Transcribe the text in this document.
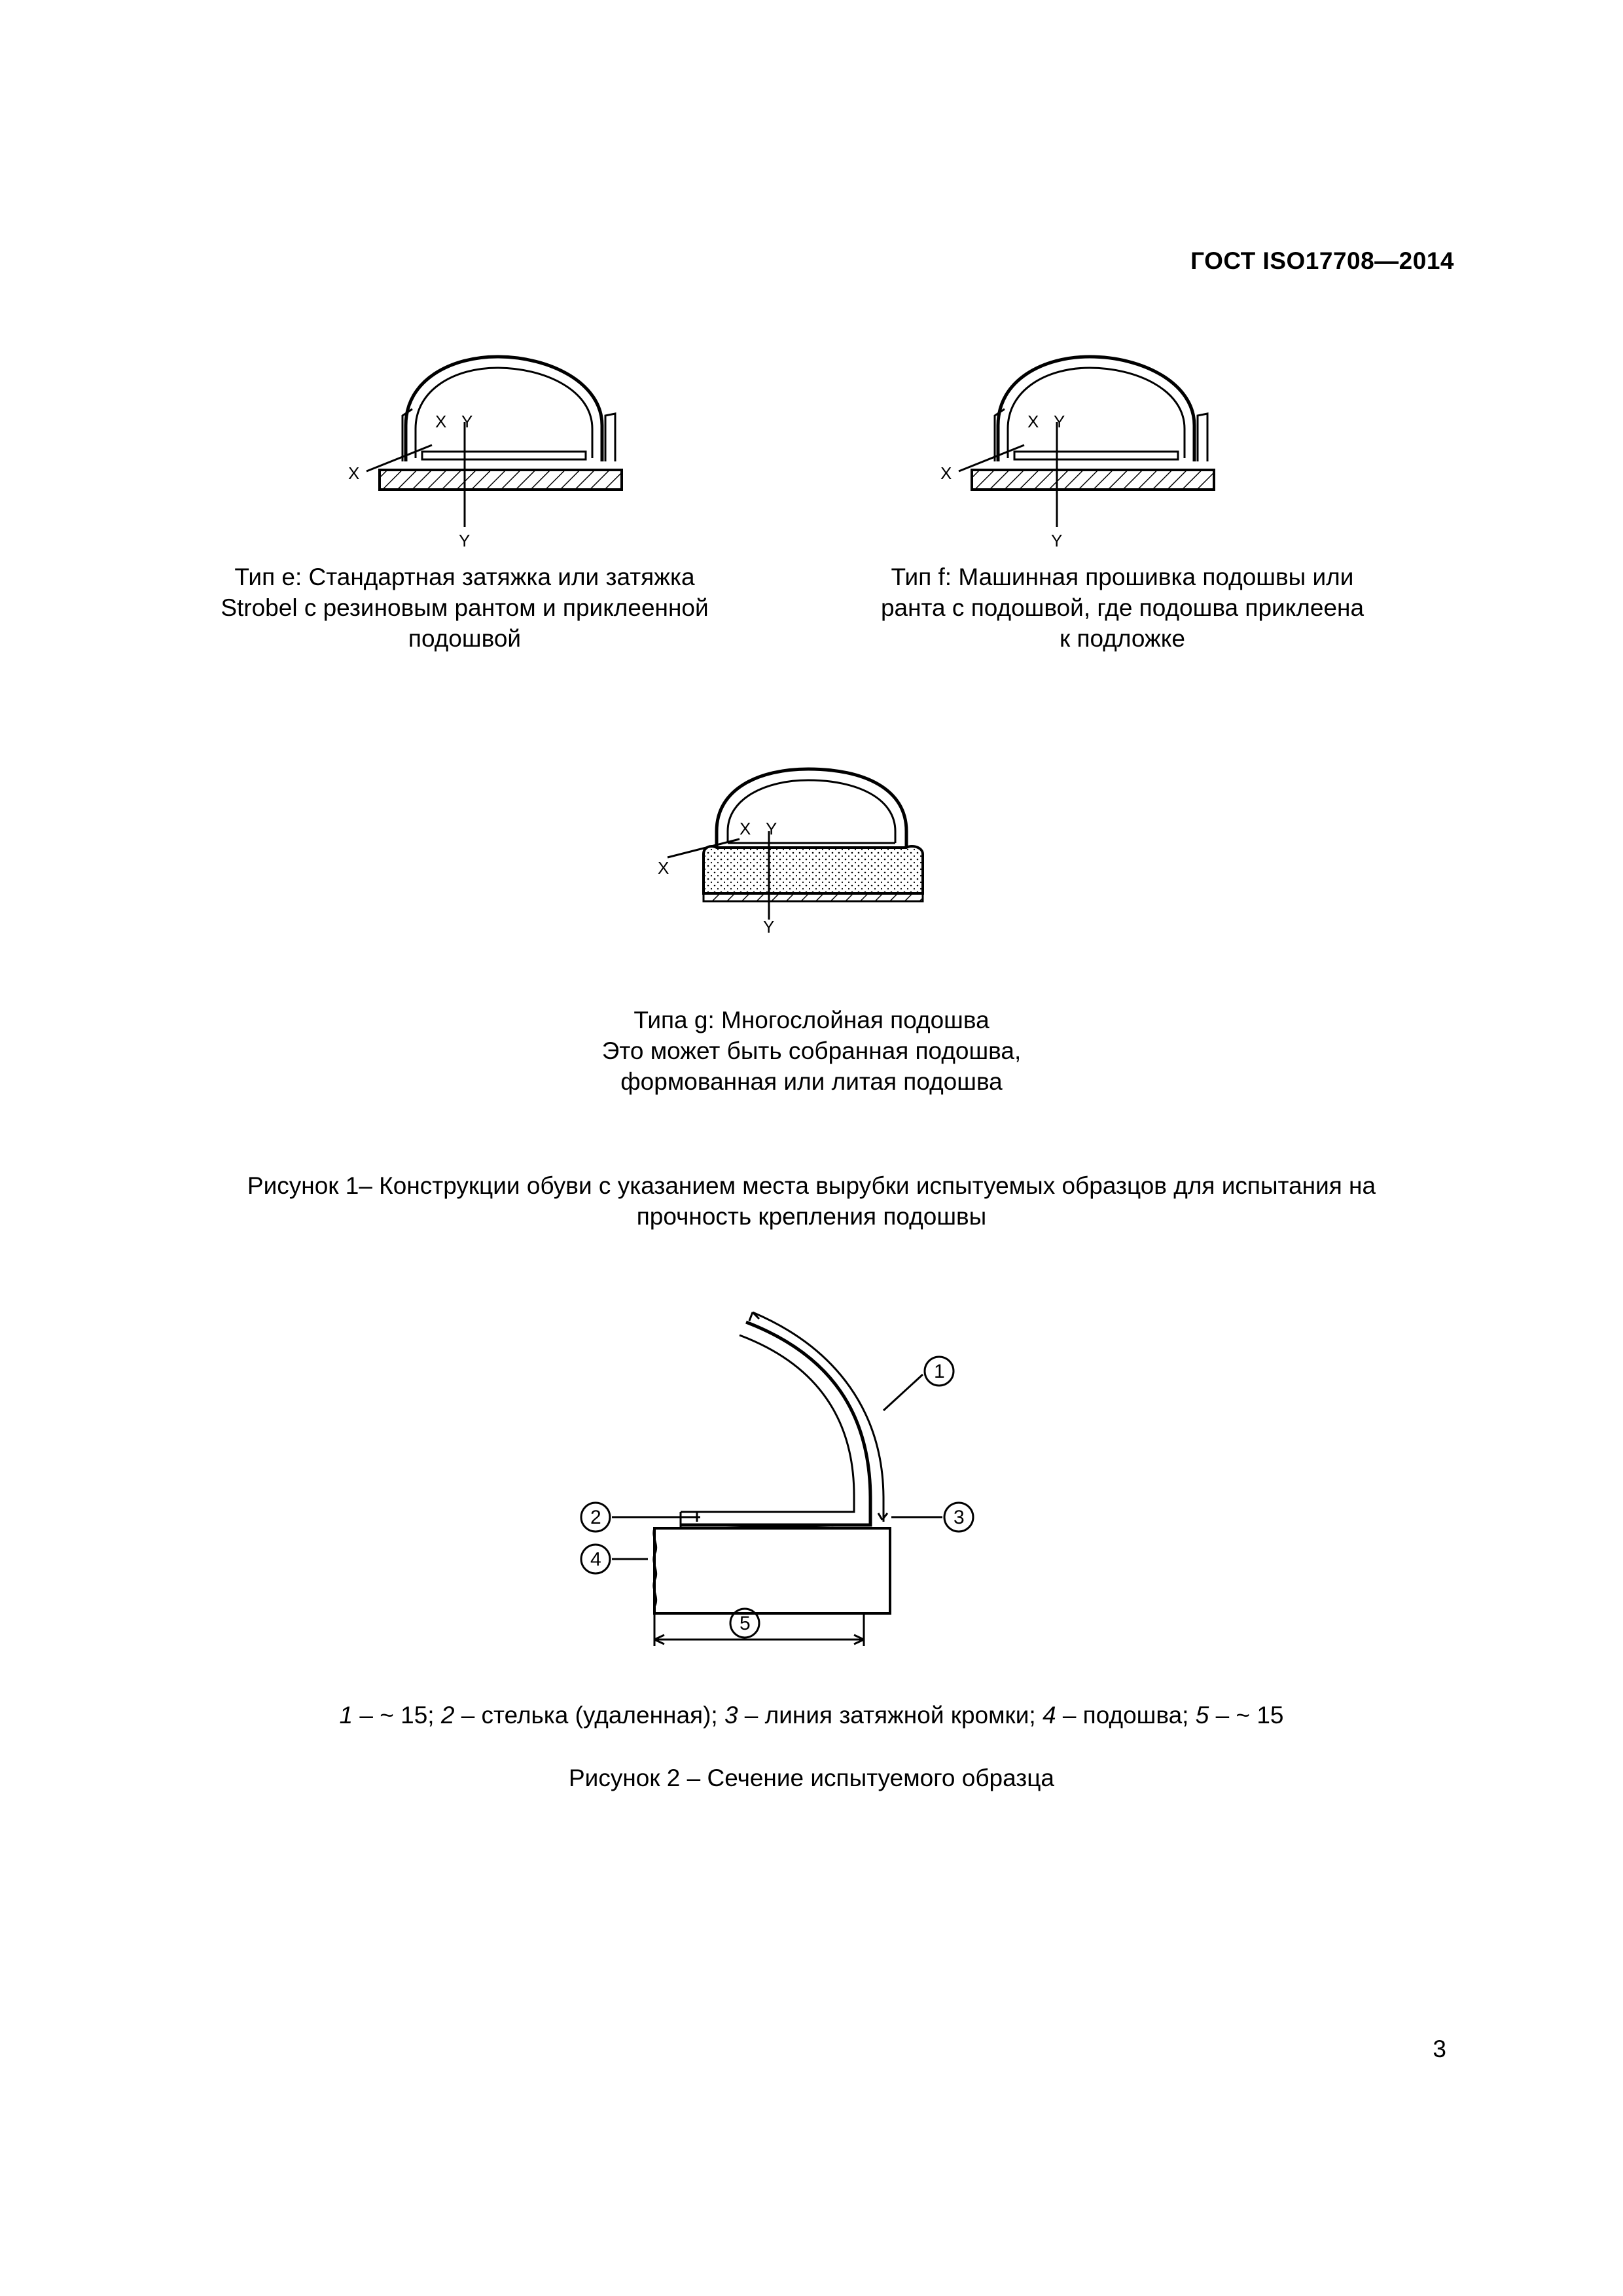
ГОСТ ISO17708—2014
X Y
X
Y
Тип е: Стандартная затяжка или затяжка
Strobel с резиновым рантом и приклеенной
подошвой
X Y
X
Y
Тип f: Машинная прошивка подошвы или
ранта с подошвой, где подошва приклеена
к подложке
X Y
X
Y
Типа g: Многослойная подошва
Это может быть собранная подошва,
формованная или литая подошва
Рисунок 1– Конструкции обуви с указанием места вырубки испытуемых образцов для испытания на
прочность крепления подошвы
1
2	3
4
5
1 – ~ 15; 2 – стелька (удаленная); 3 – линия затяжной кромки; 4 – подошва; 5 – ~ 15
Рисунок 2 – Сечение испытуемого образца
3
